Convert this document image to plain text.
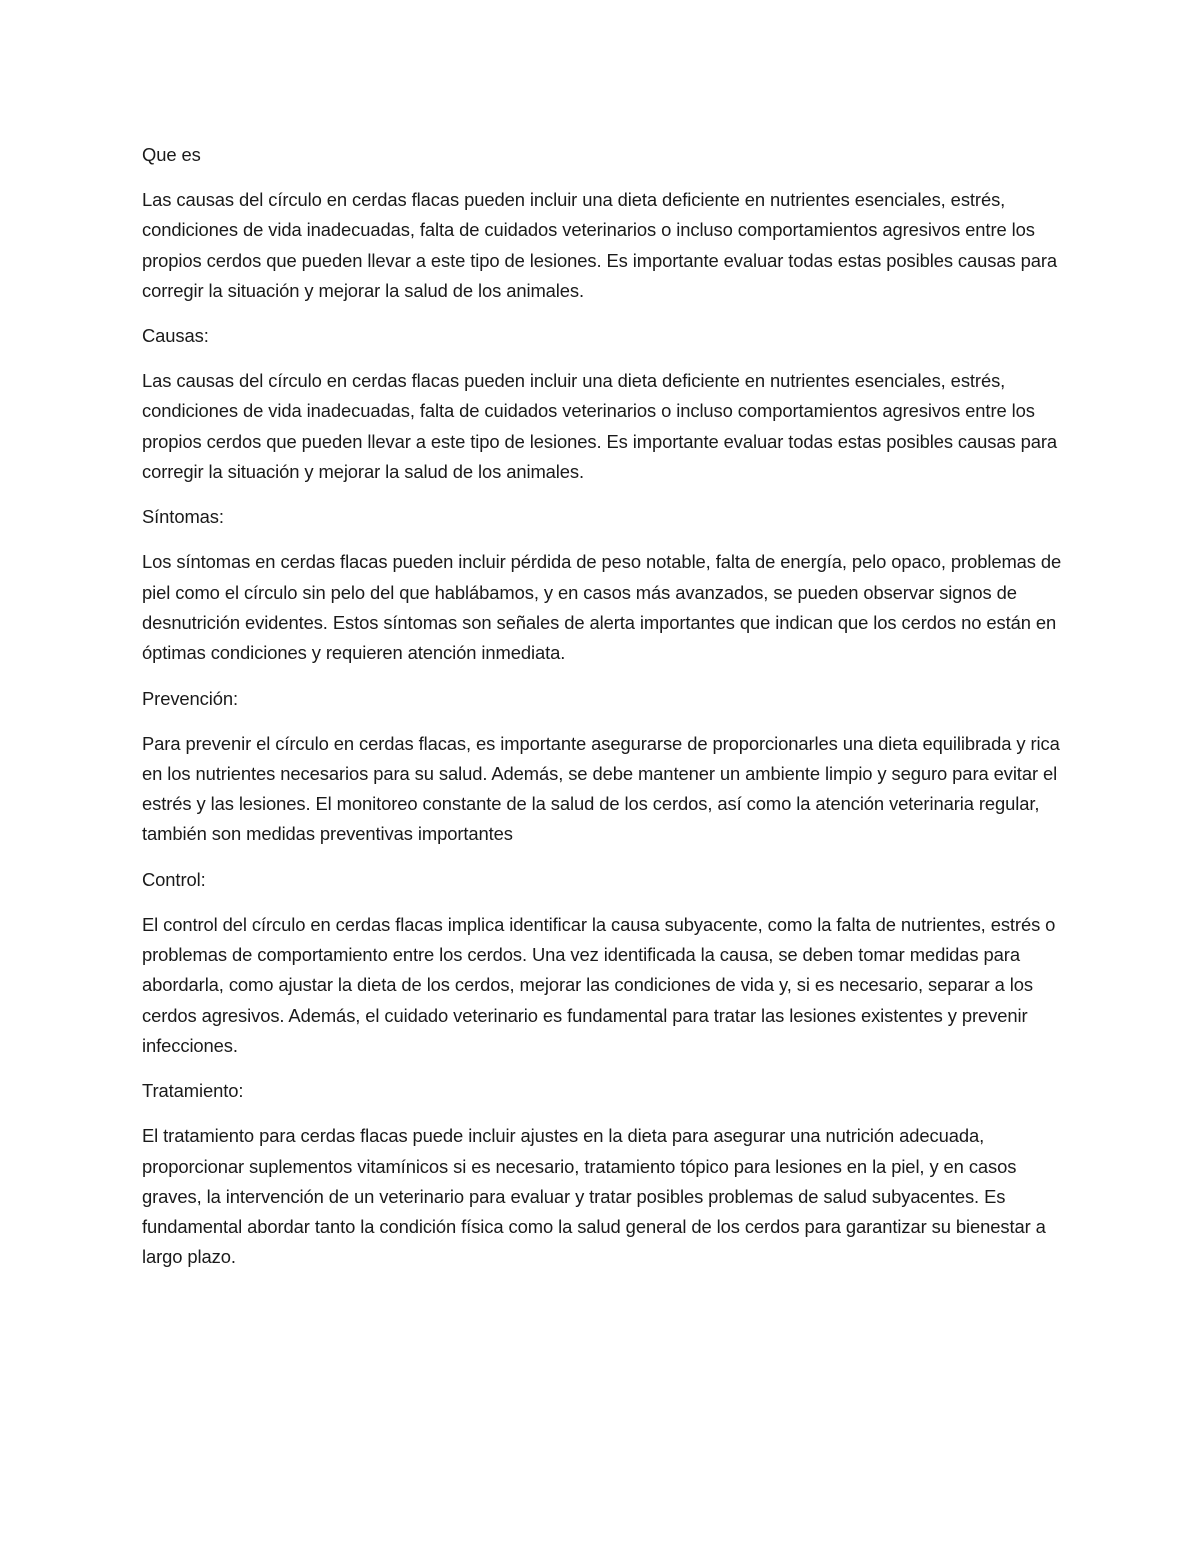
Que es

Las causas del círculo en cerdas flacas pueden incluir una dieta deficiente en nutrientes esenciales, estrés, condiciones de vida inadecuadas, falta de cuidados veterinarios o incluso comportamientos agresivos entre los propios cerdos que pueden llevar a este tipo de lesiones. Es importante evaluar todas estas posibles causas para corregir la situación y mejorar la salud de los animales.

Causas:

Las causas del círculo en cerdas flacas pueden incluir una dieta deficiente en nutrientes esenciales, estrés, condiciones de vida inadecuadas, falta de cuidados veterinarios o incluso comportamientos agresivos entre los propios cerdos que pueden llevar a este tipo de lesiones. Es importante evaluar todas estas posibles causas para corregir la situación y mejorar la salud de los animales.

Síntomas:

Los síntomas en cerdas flacas pueden incluir pérdida de peso notable, falta de energía, pelo opaco, problemas de piel como el círculo sin pelo del que hablábamos, y en casos más avanzados, se pueden observar signos de desnutrición evidentes. Estos síntomas son señales de alerta importantes que indican que los cerdos no están en óptimas condiciones y requieren atención inmediata.

Prevención:

Para prevenir el círculo en cerdas flacas, es importante asegurarse de proporcionarles una dieta equilibrada y rica en los nutrientes necesarios para su salud. Además, se debe mantener un ambiente limpio y seguro para evitar el estrés y las lesiones. El monitoreo constante de la salud de los cerdos, así como la atención veterinaria regular, también son medidas preventivas importantes

Control:

El control del círculo en cerdas flacas implica identificar la causa subyacente, como la falta de nutrientes, estrés o problemas de comportamiento entre los cerdos. Una vez identificada la causa, se deben tomar medidas para abordarla, como ajustar la dieta de los cerdos, mejorar las condiciones de vida y, si es necesario, separar a los cerdos agresivos. Además, el cuidado veterinario es fundamental para tratar las lesiones existentes y prevenir infecciones.

Tratamiento:

El tratamiento para cerdas flacas puede incluir ajustes en la dieta para asegurar una nutrición adecuada, proporcionar suplementos vitamínicos si es necesario, tratamiento tópico para lesiones en la piel, y en casos graves, la intervención de un veterinario para evaluar y tratar posibles problemas de salud subyacentes. Es fundamental abordar tanto la condición física como la salud general de los cerdos para garantizar su bienestar a largo plazo.
